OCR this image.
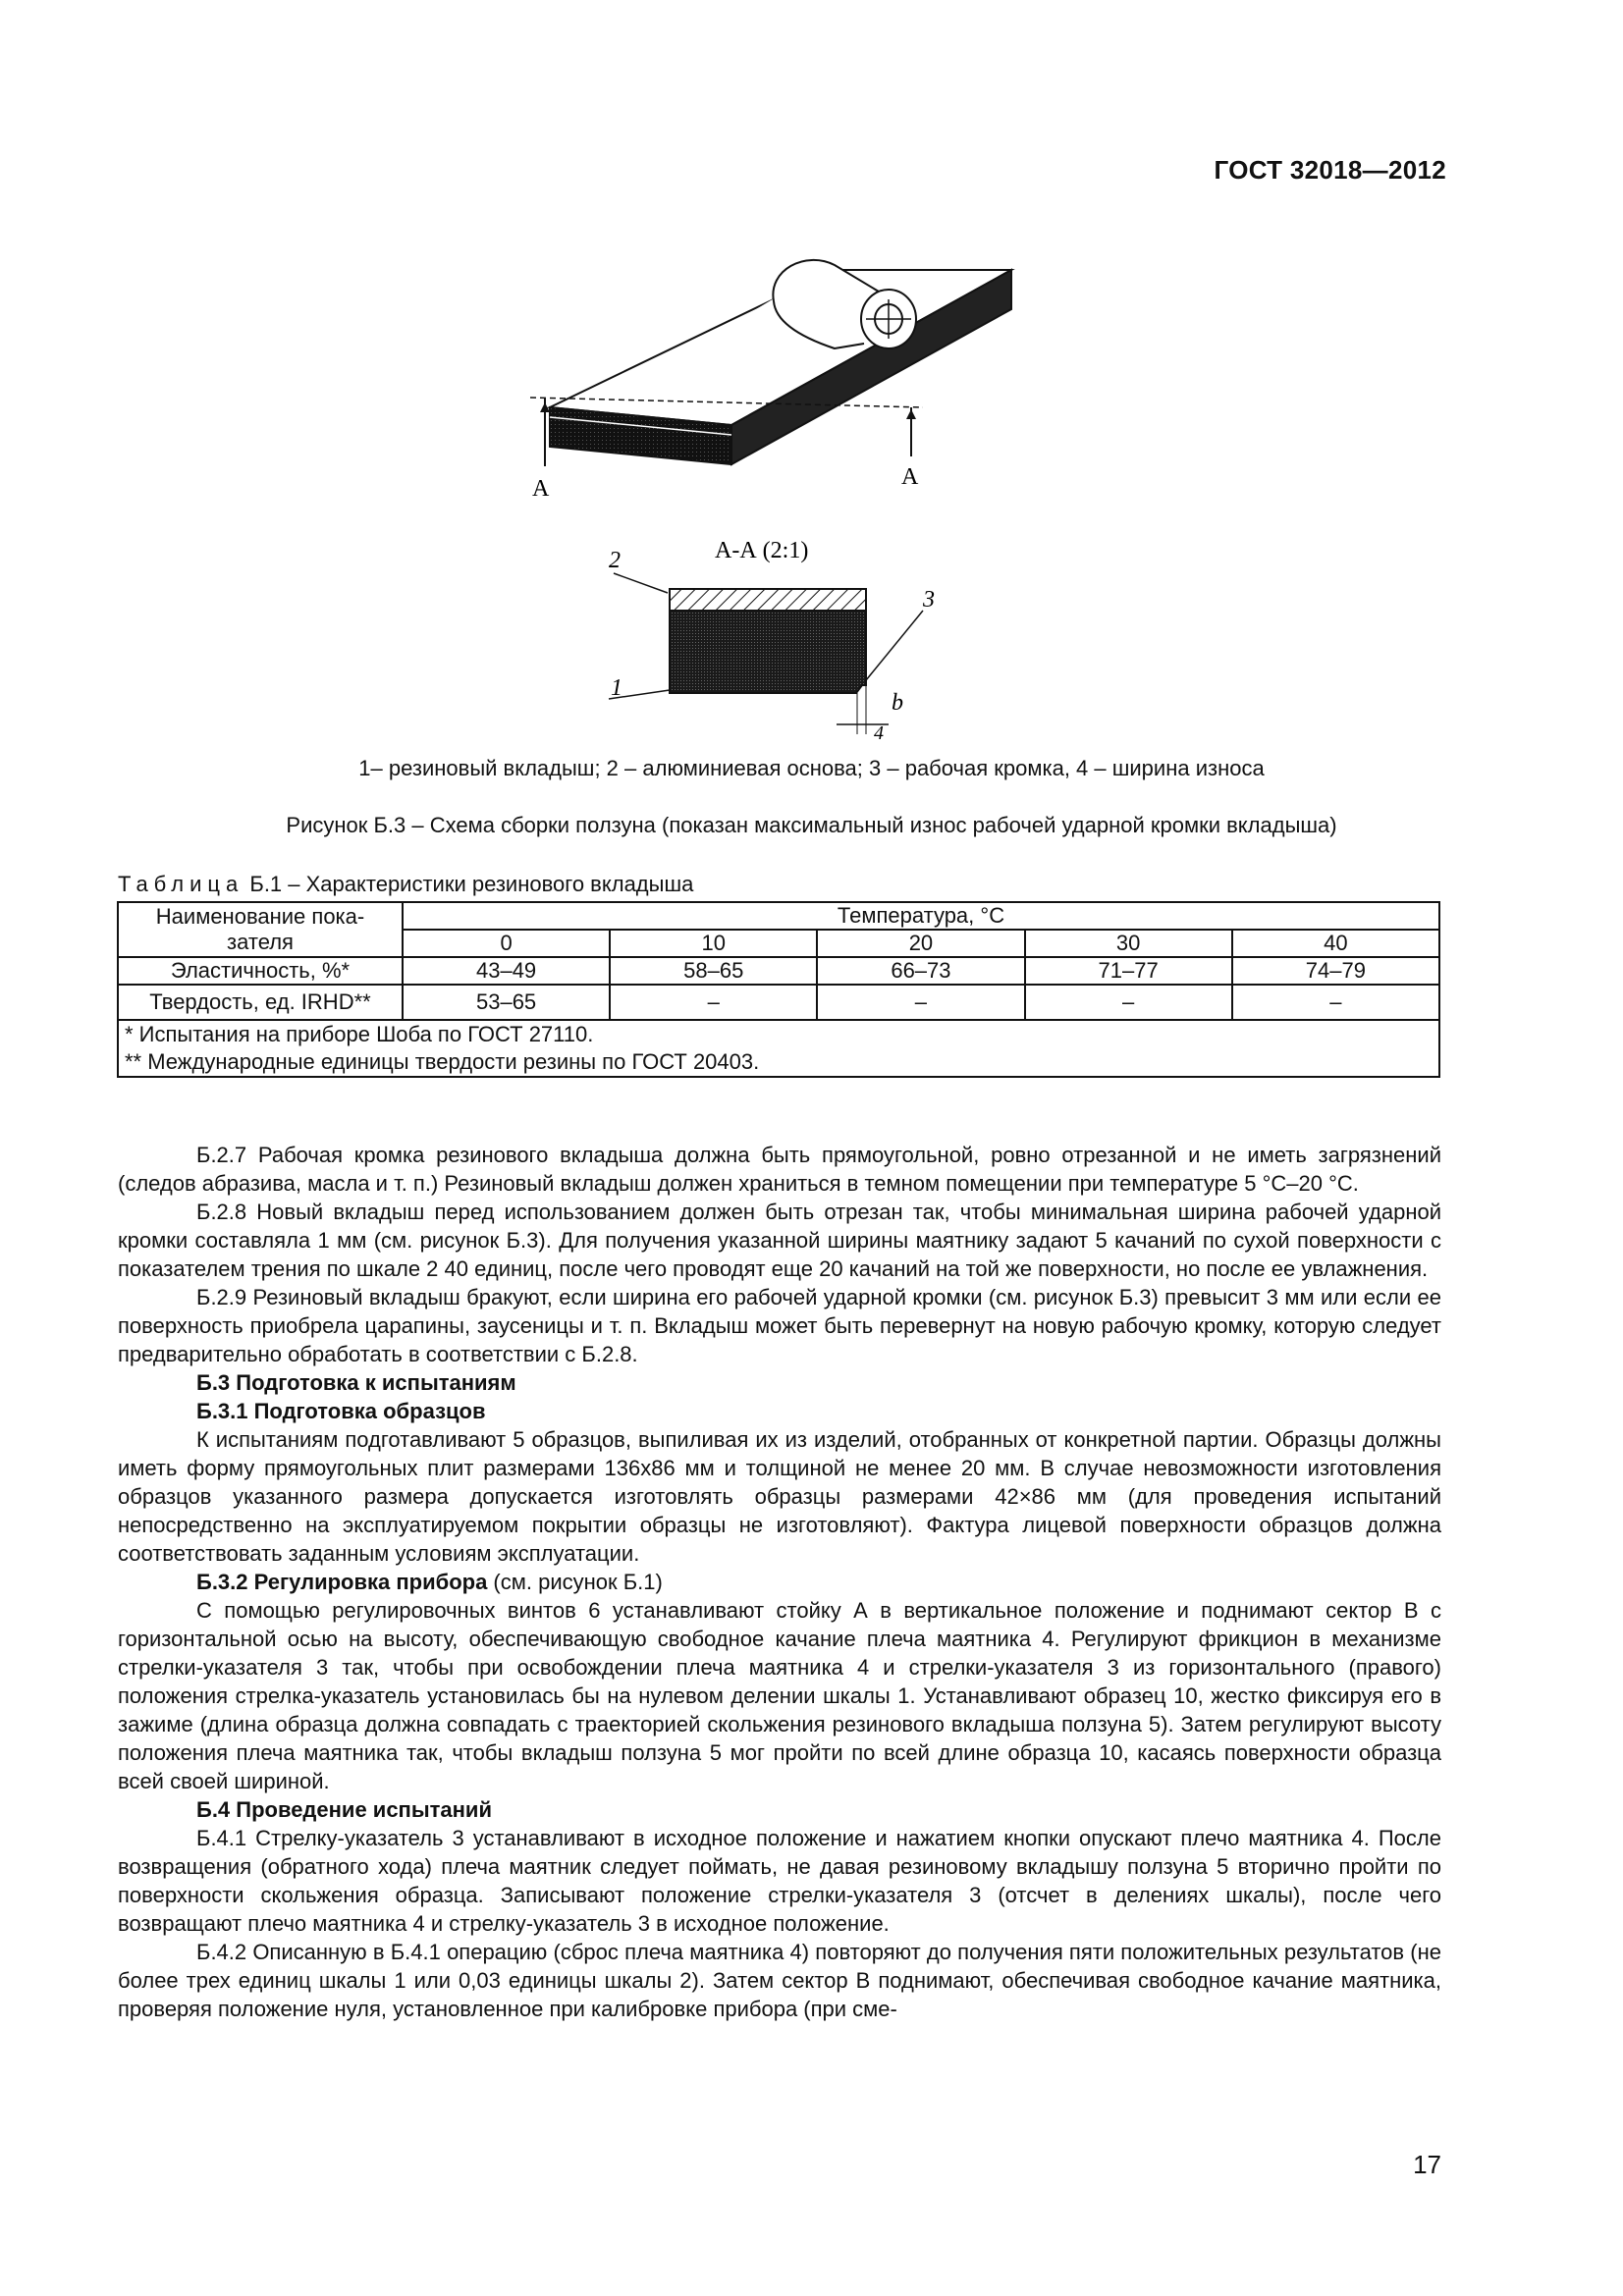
ГОСТ 32018—2012
A	A
А-А (2:1)
2
3
1
b
4
1– резиновый вкладыш; 2 – алюминиевая основа; 3 – рабочая кромка, 4 – ширина износа
Рисунок Б.3 – Схема сборки ползуна (показан максимальный износ рабочей ударной кромки вкладыша)
Таблица Б.1 – Характеристики резинового вкладыша
Наименование пока-зателя	Температура, °С				
	0	10	20	30	40
Эластичность, %*	43–49	58–65	66–73	71–77	74–79
Твердость, ед. IRHD**	53–65	–	–	–	–
* Испытания на приборе Шоба по ГОСТ 27110.					
** Международные единицы твердости резины по ГОСТ 20403.					

Б.2.7 Рабочая кромка резинового вкладыша должна быть прямоугольной, ровно отрезанной и не иметь загрязнений (следов абразива, масла и т. п.) Резиновый вкладыш должен храниться в темном помещении при температуре 5 °С–20 °С.

Б.2.8 Новый вкладыш перед использованием должен быть отрезан так, чтобы минимальная ширина рабочей ударной кромки составляла 1 мм (см. рисунок Б.3). Для получения указанной ширины маятнику задают 5 качаний по сухой поверхности с показателем трения по шкале 2 40 единиц, после чего проводят еще 20 качаний на той же поверхности, но после ее увлажнения.

Б.2.9 Резиновый вкладыш бракуют, если ширина его рабочей ударной кромки (см. рисунок Б.3) превысит 3 мм или если ее поверхность приобрела царапины, заусеницы и т. п. Вкладыш может быть перевернут на новую рабочую кромку, которую следует предварительно обработать в соответствии с Б.2.8.

Б.3 Подготовка к испытаниям

Б.3.1 Подготовка образцов

К испытаниям подготавливают 5 образцов, выпиливая их из изделий, отобранных от конкретной партии. Образцы должны иметь форму прямоугольных плит размерами 136х86 мм и толщиной не менее 20 мм. В случае невозможности изготовления образцов указанного размера допускается изготовлять образцы размерами 42×86 мм (для проведения испытаний непосредственно на эксплуатируемом покрытии образцы не изготовляют). Фактура лицевой поверхности образцов должна соответствовать заданным условиям эксплуатации.

Б.3.2 Регулировка прибора (см. рисунок Б.1)

С помощью регулировочных винтов 6 устанавливают стойку А в вертикальное положение и поднимают сектор В с горизонтальной осью на высоту, обеспечивающую свободное качание плеча маятника 4. Регулируют фрикцион в механизме стрелки-указателя 3 так, чтобы при освобождении плеча маятника 4 и стрелки-указателя 3 из горизонтального (правого) положения стрелка-указатель установилась бы на нулевом делении шкалы 1. Устанавливают образец 10, жестко фиксируя его в зажиме (длина образца должна совпадать с траекторией скольжения резинового вкладыша ползуна 5). Затем регулируют высоту положения плеча маятника так, чтобы вкладыш ползуна 5 мог пройти по всей длине образца 10, касаясь поверхности образца всей своей шириной.

Б.4 Проведение испытаний

Б.4.1 Стрелку-указатель 3 устанавливают в исходное положение и нажатием кнопки опускают плечо маятника 4. После возвращения (обратного хода) плеча маятник следует поймать, не давая резиновому вкладышу ползуна 5 вторично пройти по поверхности скольжения образца. Записывают положение стрелки-указателя 3 (отсчет в делениях шкалы), после чего возвращают плечо маятника 4 и стрелку-указатель 3 в исходное положение.

Б.4.2 Описанную в Б.4.1 операцию (сброс плеча маятника 4) повторяют до получения пяти положительных результатов (не более трех единиц шкалы 1 или 0,03 единицы шкалы 2). Затем сектор В поднимают, обеспечивая свободное качание маятника, проверяя положение нуля, установленное при калибровке прибора (при сме-

17
